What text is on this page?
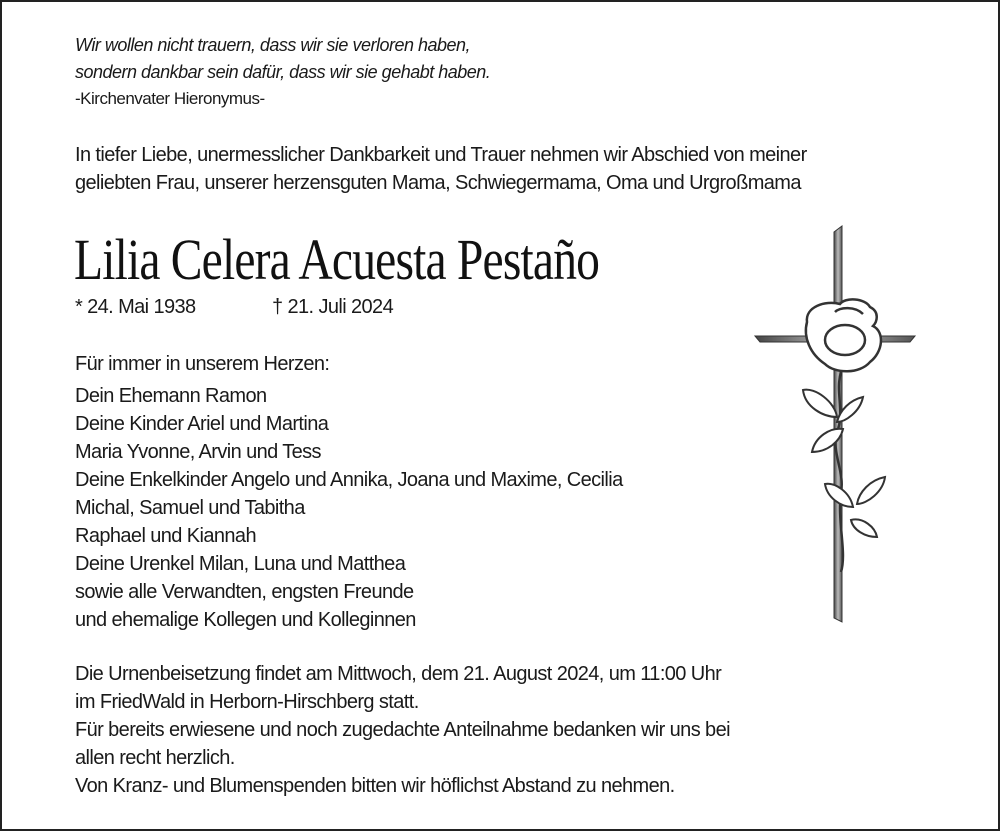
Wir wollen nicht trauern, dass wir sie verloren haben,
sondern dankbar sein dafür, dass wir sie gehabt haben.
-Kirchenvater Hieronymus-
In tiefer Liebe, unermesslicher Dankbarkeit und Trauer nehmen wir Abschied von meiner
geliebten Frau, unserer herzensguten Mama, Schwiegermama, Oma und Urgroßmama
Lilia Celera Acuesta Pestaño
* 24. Mai 1938	† 21. Juli 2024
Für immer in unserem Herzen:
Dein Ehemann Ramon
Deine Kinder Ariel und Martina
Maria Yvonne, Arvin und Tess
Deine Enkelkinder Angelo und Annika, Joana und Maxime, Cecilia
Michal, Samuel und Tabitha
Raphael und Kiannah
Deine Urenkel Milan, Luna und Matthea
sowie alle Verwandten, engsten Freunde
und ehemalige Kollegen und Kolleginnen
Die Urnenbeisetzung findet am Mittwoch, dem 21. August 2024, um 11:00 Uhr
im FriedWald in Herborn-Hirschberg statt.
Für bereits erwiesene und noch zugedachte Anteilnahme bedanken wir uns bei
allen recht herzlich.
Von Kranz- und Blumenspenden bitten wir höflichst Abstand zu nehmen.
